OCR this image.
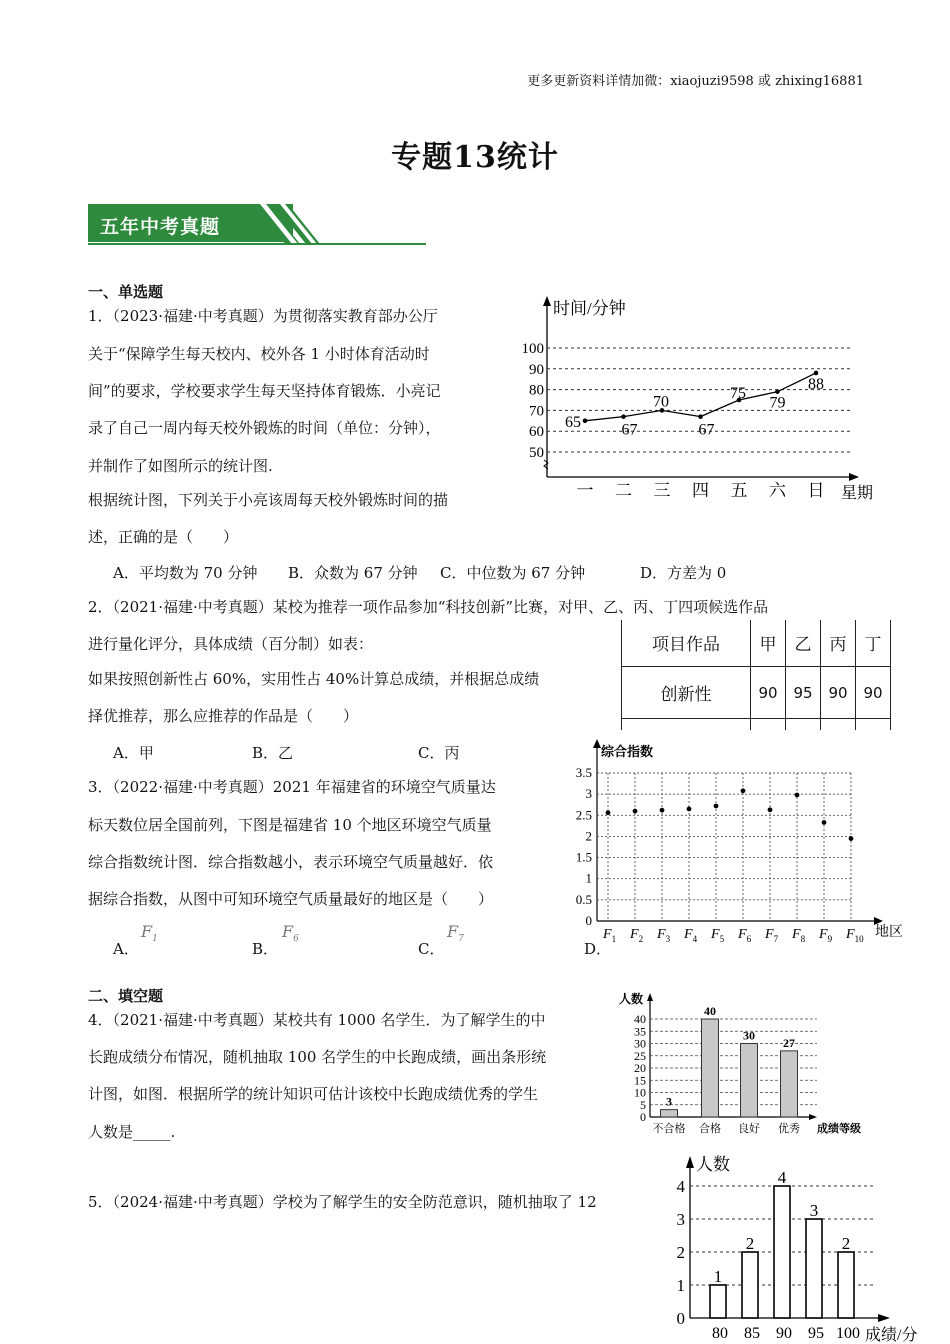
更多更新资料详情加微：xiaojuzi9598 或 zhixing16881
专题13统计
五年中考真题
一、单选题
1．（2023·福建·中考真题）为贯彻落实教育部办公厅
关于“保障学生每天校内、校外各 1 小时体育活动时
间”的要求，学校要求学生每天坚持体育锻炼．小亮记
录了自己一周内每天校外锻炼的时间（单位：分钟），
并制作了如图所示的统计图.
根据统计图，下列关于小亮该周每天校外锻炼时间的描
述，正确的是（　　）
A．平均数为 70 分钟 B．众数为 67 分钟 C．中位数为 67 分钟	D．方差为 0
时间/分钟
星期
50
60
70
80
90
100
65
一
67
二
70
三
67
四
75
五
79
六
88
日
2．（2021·福建·中考真题）某校为推荐一项作品参加“科技创新”比赛，对甲、乙、丙、丁四项候选作品
进行量化评分，具体成绩（百分制）如表：
如果按照创新性占 60%，实用性占 40%计算总成绩，并根据总成绩
择优推荐，那么应推荐的作品是（　　）
A．甲	B．乙	C．丙
项目作品	甲	乙	丙	丁
创新性	90	95	90	90

3．（2022·福建·中考真题）2021 年福建省的环境空气质量达
标天数位居全国前列，下图是福建省 10 个地区环境空气质量
综合指数统计图．综合指数越小，表示环境空气质量越好．依
据综合指数，从图中可知环境空气质量最好的地区是（　　）
A．	B．	C．	D．
$F_1$	$F_6$	$F_7$
综合指数
地区
0
0.5
1
1.5
2
2.5
3
3.5
$F_1$ $F_2$ $F_3$ $F_4$ $F_5$ $F_6$ $F_7$ $F_8$ $F_9$ $F_{10}$
二、填空题
4．（2021·福建·中考真题）某校共有 1000 名学生．为了解学生的中
长跑成绩分布情况，随机抽取 100 名学生的中长跑成绩，画出条形统
计图，如图．根据所学的统计知识可估计该校中长跑成绩优秀的学生
人数是_____.
人数
成绩等级
0
5
10
15
20
25
30
35
40
3
不合格
40
合格
30
良好
27
优秀
5．（2024·福建·中考真题）学校为了解学生的安全防范意识，随机抽取了 12
人数
成绩/分
0
1
2
3
4
1
80
2
85
4
90
3
95
2
100
